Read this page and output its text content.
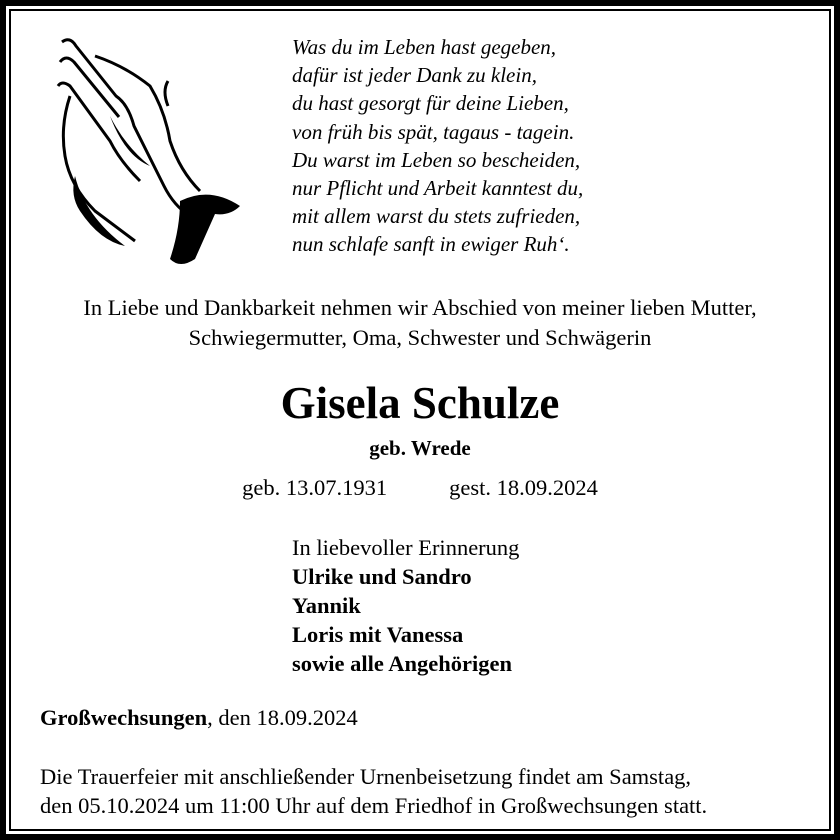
Was du im Leben hast gegeben,
dafür ist jeder Dank zu klein,
du hast gesorgt für deine Lieben,
von früh bis spät, tagaus - tagein.
Du warst im Leben so bescheiden,
nur Pflicht und Arbeit kanntest du,
mit allem warst du stets zufrieden,
nun schlafe sanft in ewiger Ruh‘.
In Liebe und Dankbarkeit nehmen wir Abschied von meiner lieben Mutter,
Schwiegermutter, Oma, Schwester und Schwägerin
Gisela Schulze
geb. Wrede
geb. 13.07.1931	gest. 18.09.2024
In liebevoller Erinnerung
Ulrike und Sandro
Yannik
Loris mit Vanessa
sowie alle Angehörigen
Großwechsungen, den 18.09.2024
Die Trauerfeier mit anschließender Urnenbeisetzung findet am Samstag,
den 05.10.2024 um 11:00 Uhr auf dem Friedhof in Großwechsungen statt.
